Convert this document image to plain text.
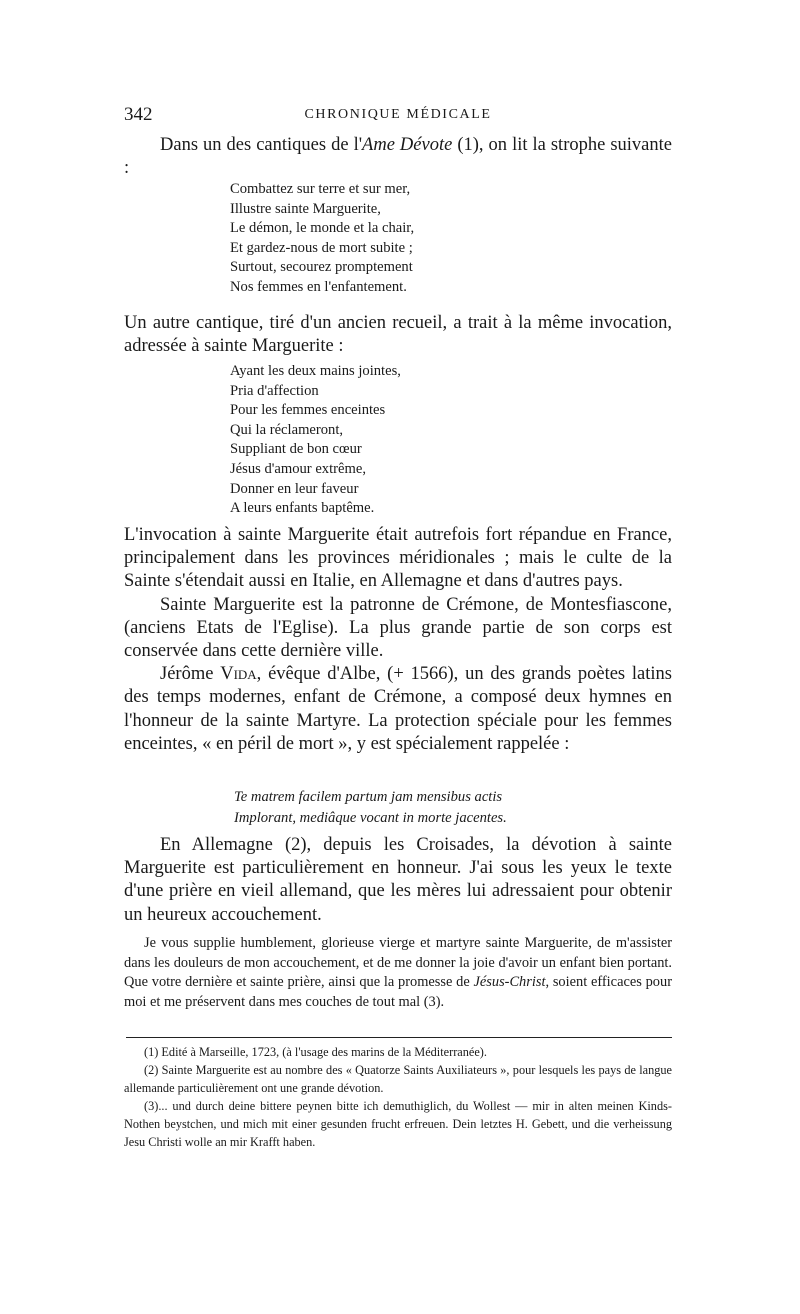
342	CHRONIQUE MÉDICALE

Dans un des cantiques de l'Ame Dévote (1), on lit la strophe suivante :

Combattez sur terre et sur mer,
Illustre sainte Marguerite,
Le démon, le monde et la chair,
Et gardez-nous de mort subite ;
Surtout, secourez promptement
Nos femmes en l'enfantement.

Un autre cantique, tiré d'un ancien recueil, a trait à la même invocation, adressée à sainte Marguerite :

Ayant les deux mains jointes,
Pria d'affection
Pour les femmes enceintes
Qui la réclameront,
Suppliant de bon cœur
Jésus d'amour extrême,
Donner en leur faveur
A leurs enfants baptême.

L'invocation à sainte Marguerite était autrefois fort répandue en France, principalement dans les provinces méridionales ; mais le culte de la Sainte s'étendait aussi en Italie, en Allemagne et dans d'autres pays.

Sainte Marguerite est la patronne de Crémone, de Montesfiascone, (anciens Etats de l'Eglise). La plus grande partie de son corps est conservée dans cette dernière ville.

Jérôme Vida, évêque d'Albe, (+ 1566), un des grands poètes latins des temps modernes, enfant de Crémone, a composé deux hymnes en l'honneur de la sainte Martyre. La protection spéciale pour les femmes enceintes, « en péril de mort », y est spécialement rappelée :

Te matrem facilem partum jam mensibus actis
Implorant, mediâque vocant in morte jacentes.

En Allemagne (2), depuis les Croisades, la dévotion à sainte Marguerite est particulièrement en honneur. J'ai sous les yeux le texte d'une prière en vieil allemand, que les mères lui adressaient pour obtenir un heureux accouchement.

Je vous supplie humblement, glorieuse vierge et martyre sainte Marguerite, de m'assister dans les douleurs de mon accouchement, et de me donner la joie d'avoir un enfant bien portant. Que votre dernière et sainte prière, ainsi que la promesse de Jésus-Christ, soient efficaces pour moi et me préservent dans mes couches de tout mal (3).

(1) Edité à Marseille, 1723, (à l'usage des marins de la Méditerranée).

(2) Sainte Marguerite est au nombre des « Quatorze Saints Auxiliateurs », pour lesquels les pays de langue allemande particulièrement ont une grande dévotion.

(3)... und durch deine bittere peynen bitte ich demuthiglich, du Wollest — mir in alten meinen Kinds-Nothen beystchen, und mich mit einer gesunden frucht erfreuen. Dein letztes H. Gebett, und die verheissung Jesu Christi wolle an mir Krafft haben.
